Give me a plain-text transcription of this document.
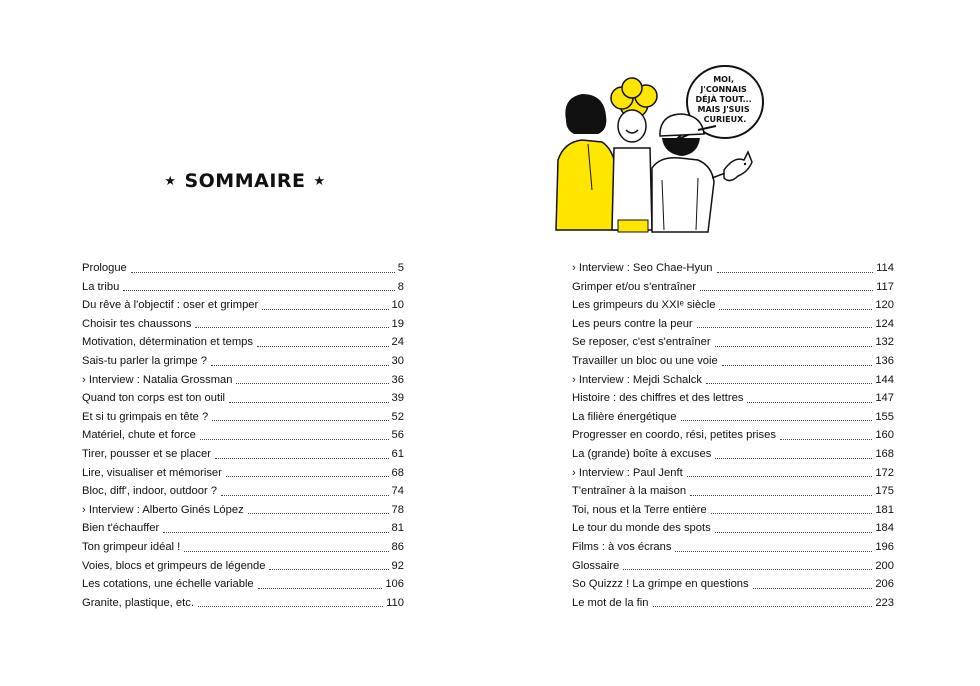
★ SOMMAIRE ★
Prologue	5
La tribu	8
Du rêve à l'objectif : oser et grimper	10
Choisir tes chaussons	19
Motivation, détermination et temps	24
Sais-tu parler la grimpe ?	30
› Interview : Natalia Grossman	36
Quand ton corps est ton outil	39
Et si tu grimpais en tête ?	52
Matériel, chute et force	56
Tirer, pousser et se placer	61
Lire, visualiser et mémoriser	68
Bloc, diff', indoor, outdoor ?	74
› Interview : Alberto Ginés López	78
Bien t'échauffer	81
Ton grimpeur idéal !	86
Voies, blocs et grimpeurs de légende	92
Les cotations, une échelle variable	106
Granite, plastique, etc.	110
› Interview : Seo Chae-Hyun	114
Grimper et/ou s'entraîner	117
Les grimpeurs du XXIᵉ siècle	120
Les peurs contre la peur	124
Se reposer, c'est s'entraîner	132
Travailler un bloc ou une voie	136
› Interview : Mejdi Schalck	144
Histoire : des chiffres et des lettres	147
La filière énergétique	155
Progresser en coordo, rési, petites prises	160
La (grande) boîte à excuses	168
› Interview : Paul Jenft	172
T'entraîner à la maison	175
Toi, nous et la Terre entière	181
Le tour du monde des spots	184
Films : à vos écrans	196
Glossaire	200
So Quizzz ! La grimpe en questions	206
Le mot de la fin	223
MOI, J'CONNAIS DÉJÀ TOUT... MAIS J'SUIS CURIEUX.
